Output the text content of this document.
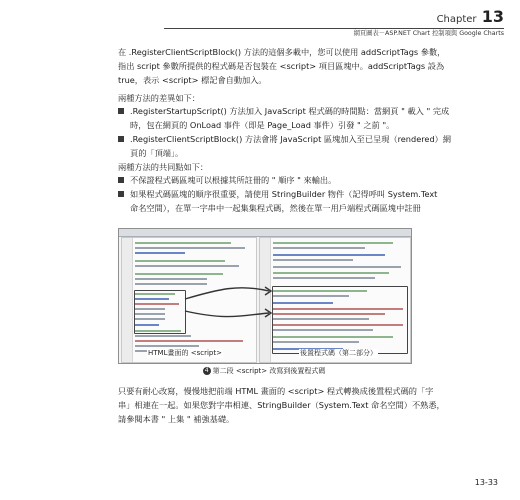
Chapter 13
網頁圖表－ASP.NET Chart 控制項與 Google Charts
在 .RegisterClientScriptBlock() 方法的這個多載中，您可以使用 addScriptTags 參數，
指出 script 參數所提供的程式碼是否包裝在 <script> 項目區塊中。addScriptTags 設為
true，表示 <script> 標記會自動加入。
兩種方法的差異如下：
.RegisterStartupScript() 方法加入 JavaScript 程式碼的時間點：當網頁 " 載入 " 完成
時，包在網頁的 OnLoad 事件（即是 Page_Load 事件）引發 " 之前 "。
.RegisterClientScriptBlock() 方法會將 JavaScript 區塊加入至已呈現（rendered）網
頁的「頂端」。
兩種方法的共同點如下：
不保證程式碼區塊可以根據其所註冊的 " 順序 " 來輸出。
如果程式碼區塊的順序很重要，請使用 StringBuilder 物件（記得呼叫 System.Text
命名空間），在單一字串中一起集集程式碼，然後在單一用戶端程式碼區塊中註冊
HTML畫面的 <script>	後置程式碼（第二部分）
4 第二段 <script> 改寫到後置程式碼
只要有耐心改寫，慢慢地把前端 HTML 畫面的 <script> 程式轉換成後置程式碼的「字
串」相連在一起。如果您對字串相連、StringBuilder（System.Text 命名空間）不熟悉，
請參閱本書 " 上集 " 補強基礎。
13-33
